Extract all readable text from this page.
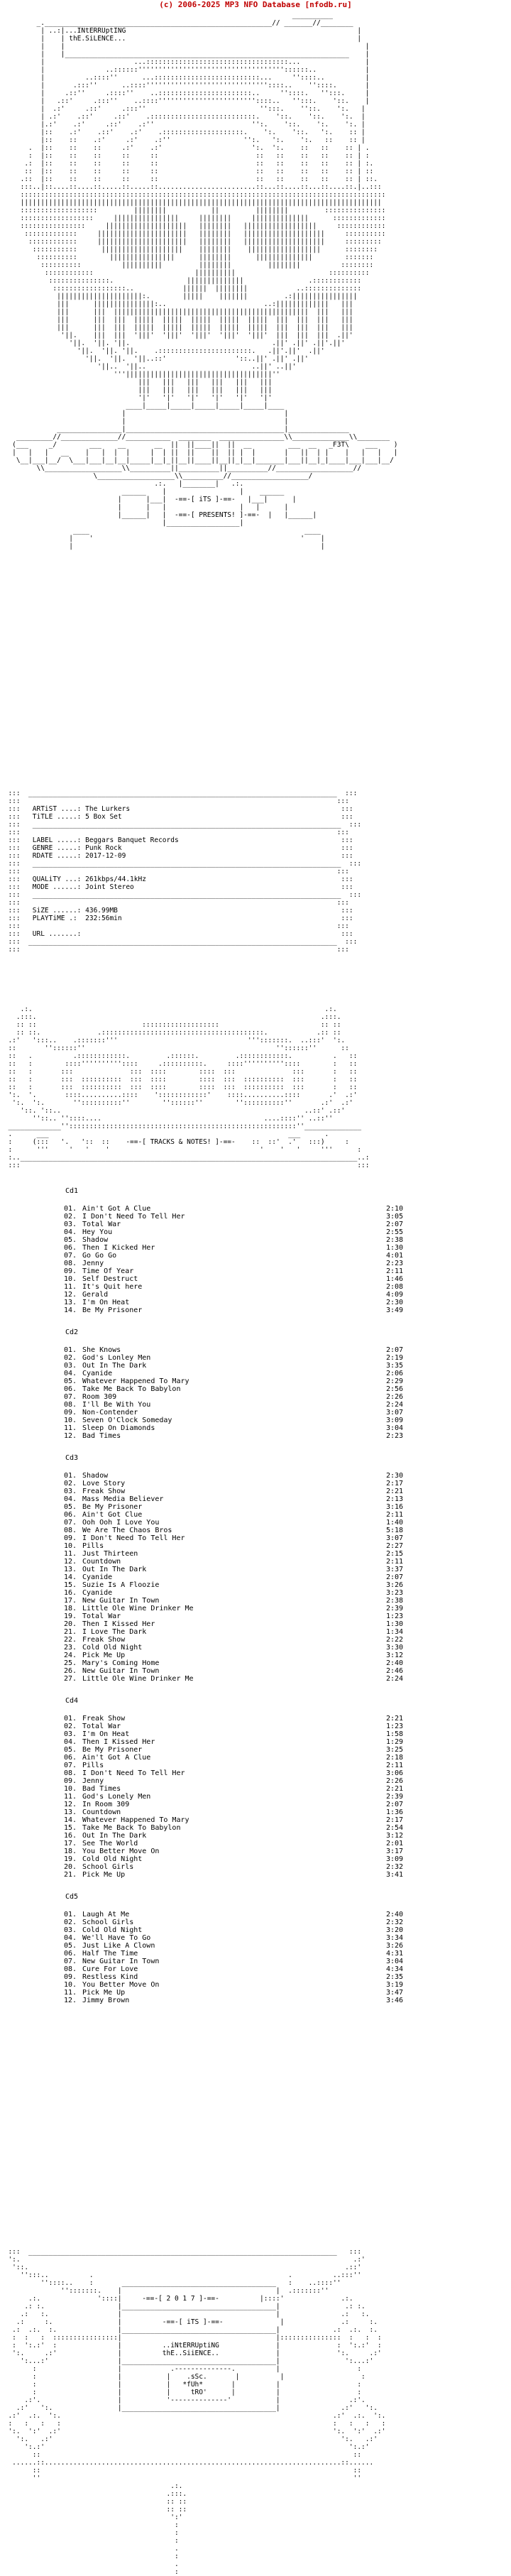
(c) 2006-2025 MP3 NFO Database [nfodb.ru]
__________
_.________________________________________________________// _______//________
| ..:|...INtERRUptING	|
|    | thE.SiLENCE...	|
|    |                                                                          |
|    |______________________________________________________________________    |
|                      ...:::::::::::::::::::::::::::::::::::...                |
|               ..::::::''''''''''''''''''''''''''''''''''''::::::..            |
|          ..::::''      ...::::::::::::::::::::::::::...     ''::::..          |
|       .:::''      ..::::''''''''''''''''''''''''''''''::::..    ''::::.       |
|     .::''     .::::''    ..:::::::::::::::::::::::..     ''::::.   '':::.     |
|   .::'     .:::''    ..::::''''''''''''''''''''''''::::..   '':::.    '::.    |
|  .:'     .::'     .:::''                            '':::.    ''::.    ':.   |
| .:'    .::'     .::'    .::::::::::::::::::::::::::.    '::.    '::.    ':.  |
|.:'    .:'     .::'    .:''                        '':.    '::.    ':.    ':. |
|::    .:'    .::'    .:'    .::::::::::::::::::::.    ':.    '::.   ':.    :: |
|::    ::    .:'     .:'    .:''                  '':.   ':.    ':.   ::    :: |
.  |::    ::    ::     .:'    .:'                      ':.  ':.    ::   ::    :: | .
:  |::    ::    ::     ::     ::                        ::   ::    ::   ::    :: | :
.:  |::    ::    ::     ::     ::                        ::   ::    ::   ::    :: | :.
::  |::    ::    ::     ::     ::                        ::   ::    ::   ::    :: | ::
.::  |::    ::    ::     ::     ::                        ::   ::    ::   ::    :: | ::.
:::..|::....::....::.....::.....::........................::...::....::...::....::.|..:::
::::::::::::::::::::::::::::::::::::::::::::::::::::::::::::::::::::::::::::::::::::::::::
|||||||||||||||||||||||||||||||||||||||||||||||||||||||||||||||||||||||||||||||||||||||||
:::::::::::::::::::         ||||||||           ||         ||||||||         :::::::::::::::
::::::::::::::::::     ||||||||||||||||     ||||||||     ||||||||||||||      :::::::::::::
::::::::::::::::     ||||||||||||||||||||   ||||||||   ||||||||||||||||||     ::::::::::::
:::::::::::::     ||||||||||||||||||||||   ||||||||   ||||||||||||||||||||     ::::::::::
::::::::::::     ||||||||||||||||||||||   ||||||||   ||||||||||||||||||||     :::::::::
:::::::::::      ||||||||||||||||||||    ||||||||    ||||||||||||||||||      ::::::::
::::::::::        ||||||||||||||||      ||||||||      ||||||||||||||        :::::::
::::::::::          ||||||||||         ||||||||         ||||||||          ::::::::
::::::::::::                         ||||||||||                       ::::::::::
:::::::::::::::.                  ||||||||||||||                .::::::::::::
::::::::::::::::::..            ||||||  ||||||||            ..::::::::::::::
|||||||||||||||||||||:.        |||||    |||||||         .:||||||||||||||||
|||      |||||||||||||||:..                        ..:|||||||||||||   |||
|||      |||  ||||||||||||||||||||||||||||||||||||||||||||||||  |||   |||
|||      |||  |||  |||||  |||||  |||||  |||||  |||||  |||  |||  |||   |||
|||      |||  |||  |||||  |||||  |||||  |||||  |||||  |||  |||  |||   |||
'||.    |||  |||  '|||'  '|||'  '|||'  '|||'  '|||'  |||  |||  |||  .||'
'||.  '||. '||.                                   .||' .||' .||'.||'
'||.  '||. '||.    .:::::::::::::::::::::::.   .||'.||'  .||'
'||.  '||.  '||..::'                 '::..||' .||' .||'
'||..  '||..                          ..||' ..||'
'''||||||||||||||||||||||||||||||||||||''
|||   |||   |||   |||   |||   |||
|||   |||   |||   |||   |||   |||
'|'   '|'   '|'   '|'   '|'   '|'
____|_____|_____|_____|_____|_____|____
|                                       |
|                                       |
________________|_______________________________________|_______________
_________//______________//___________  ________  ________________\\______________\\________
(___     _/        ___    __       __  ||  ||____||  ||  __         ___  __   _F3T\    ___    )
|   |   |   __    |   |  |  |     |  | ||  ||    ||  || |  |       |   ||  | |    |   |   |   |
\__|___|__/  \___|___|__|__|_____|__|_||__||____||__||_|__|_______|___||__|_|____|___|___|__/
\\___________________\\__________||__________||__________//___________________//
\___________________\\__________//___________________/
.:.   |________|   .:.
______    |                  |    ______
|      |___|  -==-[ iTS ]-==-   |___|      |
|      |   |                  |   |      |
|______|   |  -==-[ PRESENTS! ]-==-  |   |______|
|__________________|
____                                                     ____
|    '                                                   '    |
|                                                             |

:::  ____________________________________________________________________________  :::
:::                                                                              :::
:::   ARTiST ....: The Lurkers	:::
:::   TiTLE .....: 5 Box Set	:::
:::   ____________________________________________________________________________  :::
:::                                                                              :::
:::   LABEL .....: Beggars Banquet Records	:::
:::   GENRE .....: Punk Rock	:::
:::   RDATE .....: 2017-12-09	:::
:::   ____________________________________________________________________________  :::
:::                                                                              :::
:::   QUALiTY ...: 261kbps/44.1kHz	:::
:::   MODE ......: Joint Stereo	:::
:::   ____________________________________________________________________________  :::
:::                                                                              :::
:::   SiZE ......: 436.99MB	:::
:::   PLAYTiME .: 232:56min	:::
:::                                                                              :::
:::   URL .......:	:::
:::  ____________________________________________________________________________  :::
:::                                                                              :::

.:.                                                                        .:.
.:::.                                                                      .:::.
:: ::                          :::::::::::::::::::                         :: ::
:: ::.              .::::::::::::::::::::::::::::::::::::::::.            .:: ::
.:'   ':::..    .:::::::'''                                ''':::::::.  ..:::'  ':.
::       ''::::::''                                               ''::::::''      ::
::   .          .::::::::::::.         .::::::.         .::::::::::::.          .   ::
::   :        ::::''''''''''::::     .::::::::::.     ::::''''''''''::::        :   ::
::   :       :::              :::  ::::        ::::  :::              :::       :   ::
::   :       :::  ::::::::::  :::  ::::        ::::  :::  ::::::::::  :::       :   ::
::   :       :::  ::::::::::  :::  ::::        ::::  :::  ::::::::::  :::       :   ::
':.  '.       ::::..........::::    '::::::::::::'    ::::..........::::       .'  .:'
':.  ':.       ''::::::::::''        ''::::::''        ''::::::::::''       .:'  .:'
'::. '::..                                                            ..::' .::'
''::.. ''::::....                                        ....::::'' ..::''
_____________''::::::::::::::::::::::::::::::::::::::::::::::::::::::::''______________
.      ___                                                           ___      .
:     (:::   '.   '::  ::    -==-[ TRACKS & NOTES! ]-==-    ::  ::'  .'   :::)     :
:      '''     '   '    '                                     '    '   '     '''      :
:..___________________________________________________________________________________..:
:::                                                                                   :::

Cd1
01. Ain't Got A Clue	2:10
02. I Don't Need To Tell Her	3:05
03. Total War	2:07
04. Hey You	2:55
05. Shadow	2:38
06. Then I Kicked Her	1:30
07. Go Go Go	4:01
08. Jenny	2:23
09. Time Of Year	2:11
10. Self Destruct	1:46
11. It's Quit here	2:08
12. Gerald	4:09
13. I'm On Heat	2:30
14. Be My Prisoner	3:49
Cd2
01. She Knows	2:07
02. God's Lonley Men	2:19
03. Out In The Dark	3:35
04. Cyanide	2:06
05. Whatever Happened To Mary	2:29
06. Take Me Back To Babylon	2:56
07. Room 309	2:26
08. I'll Be With You	2:24
09. Non-Contender	3:07
10. Seven O'Clock Someday	3:09
11. Sleep On Diamonds	3:04
12. Bad Times	2:23
Cd3
01. Shadow	2:30
02. Love Story	2:17
03. Freak Show	2:21
04. Mass Media Believer	2:13
05. Be My Prisoner	3:16
06. Ain't Got Clue	2:11
07. Ooh Ooh I Love You	1:40
08. We Are The Chaos Bros	5:18
09. I Don't Need To Tell Her	3:07
10. Pills	2:27
11. Just Thirteen	2:15
12. Countdown	2:11
13. Out In The Dark	3:37
14. Cyanide	2:07
15. Suzie Is A Floozie	3:26
16. Cyanide	3:23
17. New Guitar In Town	2:38
18. Little Ole Wine Drinker Me	2:39
19. Total War	1:23
20. Then I Kissed Her	1:30
21. I Love The Dark	1:34
22. Freak Show	2:22
23. Cold Old Night	3:30
24. Pick Me Up	3:12
25. Mary's Coming Home	2:40
26. New Guitar In Town	2:46
27. Little Ole Wine Drinker Me	2:24
Cd4
01. Freak Show	2:21
02. Total War	1:23
03. I'm On Heat	1:58
04. Then I Kissed Her	1:29
05. Be My Prisoner	3:25
06. Ain't Got A Clue	2:18
07. Pills	2:11
08. I Don't Need To Tell Her	3:06
09. Jenny	2:26
10. Bad Times	2:21
11. God's Lonely Men	2:39
12. In Room 309	2:07
13. Countdown	1:36
14. Whatever Happened To Mary	2:17
15. Take Me Back To Babylon	2:54
16. Out In The Dark	3:12
17. See The World	2:01
18. You Better Move On	3:17
19. Cold Old Night	3:09
20. School Girls	2:32
21. Pick Me Up	3:41
Cd5
01. Laugh At Me	2:40
02. School Girls	2:32
03. Cold Old Night	3:20
04. We'll Have To Go	3:34
05. Just Like A Clown	3:26
06. Half The Time	4:31
07. New Guitar In Town	3:04
08. Cure For Love	4:34
09. Restless Kind	2:35
10. You Better Move On	3:19
11. Pick Me Up	3:47
12. Jimmy Brown	3:46
:::  ____________________________________________________________________________   :::
':.                                                                                  .:'
'::.                                                                              .::'
'':::..          .                                                .          ..:::''
''::::..    :       ______________________________________   :    ..::::''
'':::::::.    |                                      |  .:::::::''
.:.              '::::|	-==-[ 2 0 1 7 ]-==-	|::::'              .:.
.: :.                  |______________________________________|                .: :.
.:   :.                 |                                      |               .:   :.
.:     :.                |          -==-[ iTS ]-==-              |              .:     :.
.:  .:.  :.               |______________________________________|             .:  .:.  :.
:  :   :  ::::::::::::::::|                                      |:::::::::::::::  :   :  :
:  ':.:'  :               |	..iNtERRUptiNG	|              :  ':.:'  :
':.     .:'               |	thE..SiiENCE..	|              ':.     .:'
':...:'                 |______________________________________|                ':...:'
:                    |            .--------------.          |                   :
:                    |           |    .sSc.	|          |                   :
:                    |           |   *fUh*	|          |                   :
:                    |           |     tRO'	|          |                   :
.:'.                   |           '--------------'           |                 .:'.
.:'   ':.                |______________________________________|               .:'   ':.
.:'  .:.  ':.                                                                   .:'  .:.  ':.
:   :   :   :                                                                   :   :   :   :
':.  ':'  .:'                                                                   ':.  ':'  .:'
':.   .:'                                                                       ':.   .:'
':.:'                                                                           ':.:'
::                                                                             ::
......::.........................................................................::......
::                                                                             ::
''                                                                             ''
.:.
.:::.
:: ::
:: ::
':'
:
:
:
.
:
.
:
